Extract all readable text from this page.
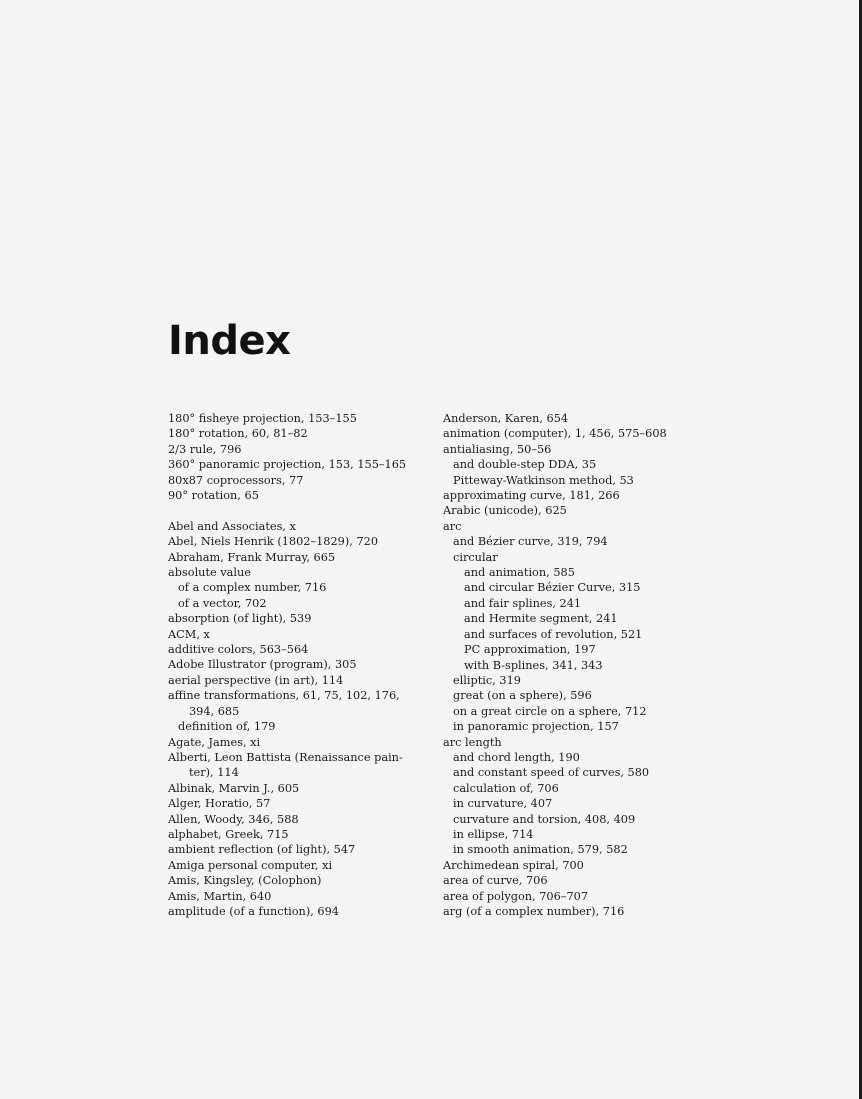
Index
180° fisheye projection, 153–155
180° rotation, 60, 81–82
2/3 rule, 796
360° panoramic projection, 153, 155–165
80x87 coprocessors, 77
90° rotation, 65
Abel and Associates, x
Abel, Niels Henrik (1802–1829), 720
Abraham, Frank Murray, 665
absolute value
of a complex number, 716
of a vector, 702
absorption (of light), 539
ACM, x
additive colors, 563–564
Adobe Illustrator (program), 305
aerial perspective (in art), 114
affine transformations, 61, 75, 102, 176,
394, 685
definition of, 179
Agate, James, xi
Alberti, Leon Battista (Renaissance pain-
ter), 114
Albinak, Marvin J., 605
Alger, Horatio, 57
Allen, Woody, 346, 588
alphabet, Greek, 715
ambient reflection (of light), 547
Amiga personal computer, xi
Amis, Kingsley, (Colophon)
Amis, Martin, 640
amplitude (of a function), 694
Anderson, Karen, 654
animation (computer), 1, 456, 575–608
antialiasing, 50–56
and double-step DDA, 35
Pitteway-Watkinson method, 53
approximating curve, 181, 266
Arabic (unicode), 625
arc
and Bézier curve, 319, 794
circular
and animation, 585
and circular Bézier Curve, 315
and fair splines, 241
and Hermite segment, 241
and surfaces of revolution, 521
PC approximation, 197
with B-splines, 341, 343
elliptic, 319
great (on a sphere), 596
on a great circle on a sphere, 712
in panoramic projection, 157
arc length
and chord length, 190
and constant speed of curves, 580
calculation of, 706
in curvature, 407
curvature and torsion, 408, 409
in ellipse, 714
in smooth animation, 579, 582
Archimedean spiral, 700
area of curve, 706
area of polygon, 706–707
arg (of a complex number), 716
